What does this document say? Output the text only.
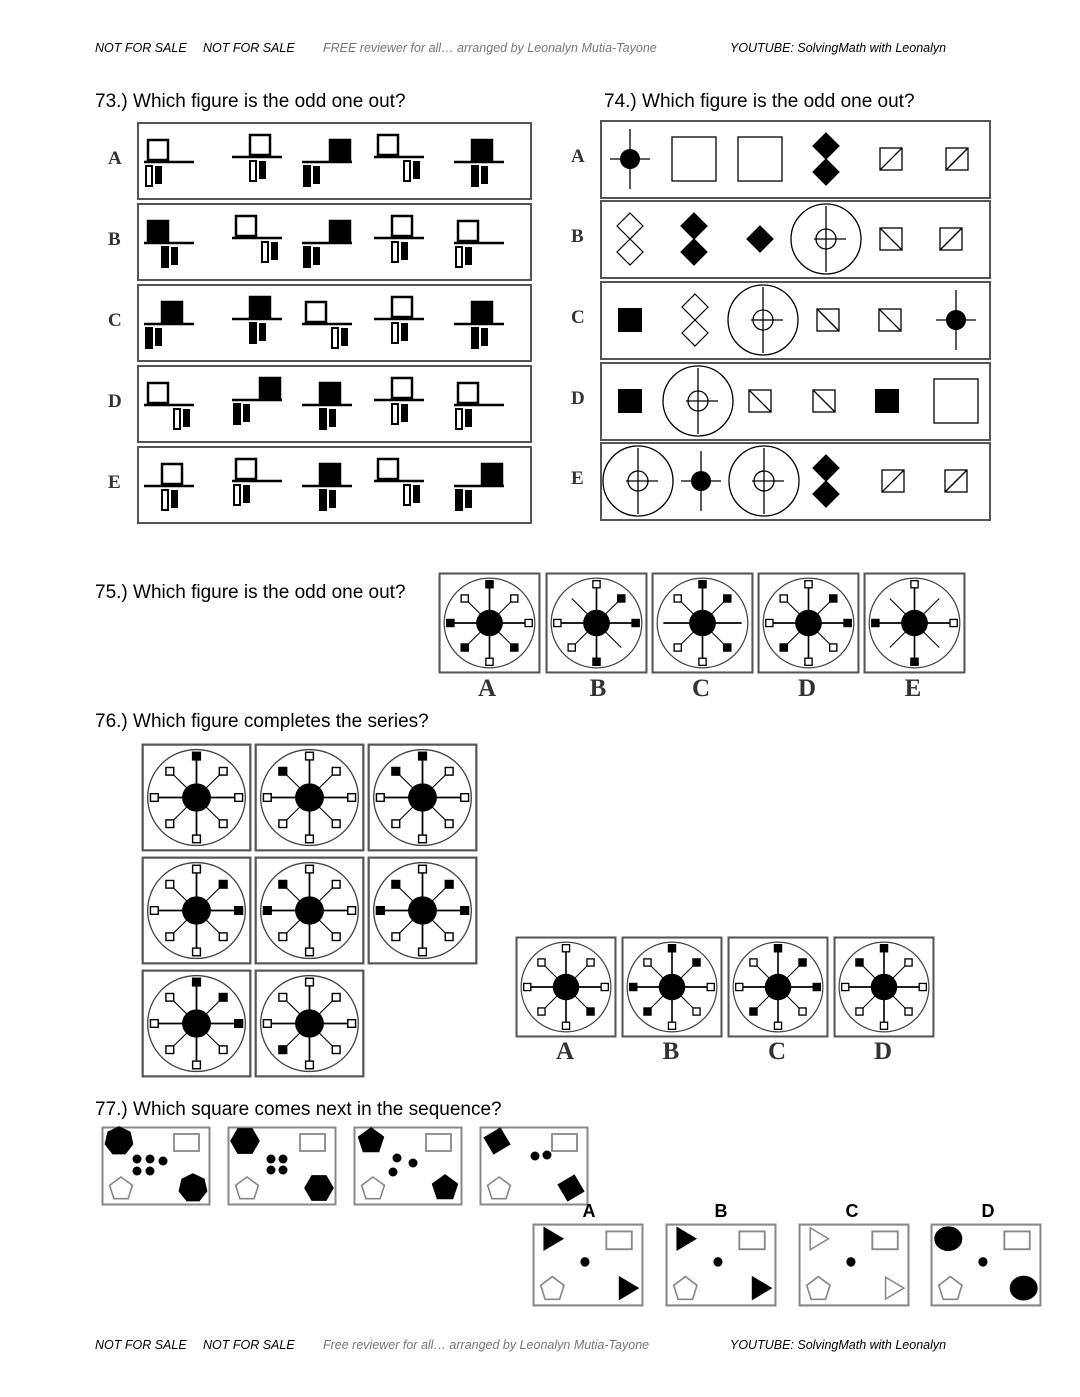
NOT FOR SALE NOT FOR SALE FREE reviewer for all… arranged by Leonalyn Mutia-Tayone	YOUTUBE: SolvingMath with Leonalyn
73.) Which figure is the odd one out?	74.) Which figure is the odd one out?
A
B
C
D
E
A
B
C
D
E
75.) Which figure is the odd one out?
A	B	C	D	E
76.) Which figure completes the series?
A	B	C	D
77.) Which square comes next in the sequence?
A	B	C	D
NOT FOR SALE NOT FOR SALE Free reviewer for all… arranged by Leonalyn Mutia-Tayone	YOUTUBE: SolvingMath with Leonalyn
